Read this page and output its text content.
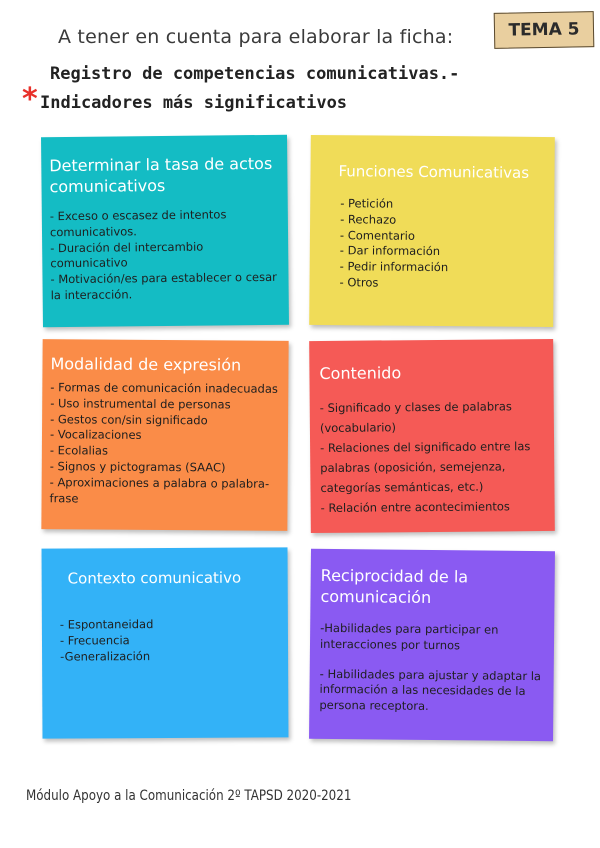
A tener en cuenta para elaborar la ficha:	TEMA 5
Registro de competencias comunicativas.-
* Indicadores más significativos
Determinar la tasa de actos comunicativos
- Exceso o escasez de intentos comunicativos.
- Duración del intercambio comunicativo
- Motivación/es para establecer o cesar la interacción.
Funciones Comunicativas
- Petición
- Rechazo
- Comentario
- Dar información
- Pedir información
- Otros
Modalidad de expresión
- Formas de comunicación inadecuadas
- Uso instrumental de personas
- Gestos con/sin significado
- Vocalizaciones
- Ecolalias
- Signos y pictogramas (SAAC)
- Aproximaciones a palabra o palabra-frase
Contenido
- Significado y clases de palabras (vocabulario)
- Relaciones del significado entre las palabras (oposición, semejenza, categorías semánticas, etc.)
- Relación entre acontecimientos
Contexto comunicativo
- Espontaneidad
- Frecuencia
-Generalización
Reciprocidad de la comunicación
-Habilidades para participar en interacciones por turnos
- Habilidades para ajustar y adaptar la información a las necesidades de la persona receptora.
Módulo Apoyo a la Comunicación 2º TAPSD 2020-2021
